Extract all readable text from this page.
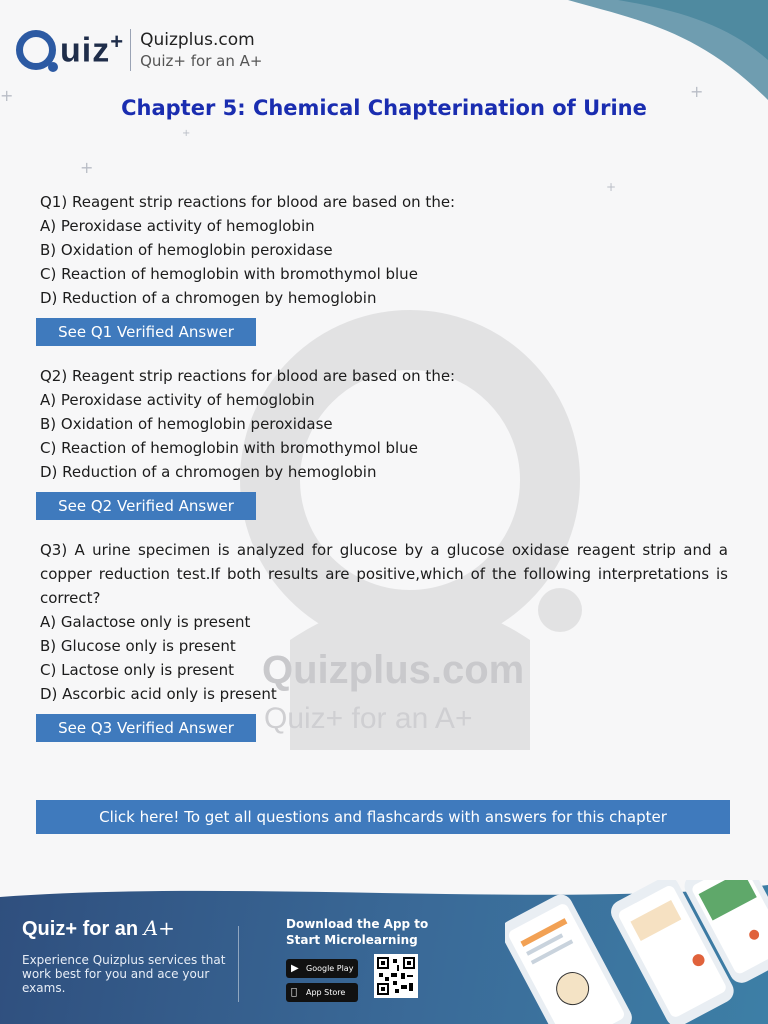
uiz+ Quizplus.com
Quiz+ for an A+
+	+
+
+
+
Chapter 5: Chemical Chapterination of Urine
Quizplus.com
Quiz+ for an A+
Q1) Reagent strip reactions for blood are based on the:
A) Peroxidase activity of hemoglobin
B) Oxidation of hemoglobin peroxidase
C) Reaction of hemoglobin with bromothymol blue
D) Reduction of a chromogen by hemoglobin
See Q1 Verified Answer
Q2) Reagent strip reactions for blood are based on the:
A) Peroxidase activity of hemoglobin
B) Oxidation of hemoglobin peroxidase
C) Reaction of hemoglobin with bromothymol blue
D) Reduction of a chromogen by hemoglobin
See Q2 Verified Answer
Q3) A urine specimen is analyzed for glucose by a glucose oxidase reagent strip and a copper reduction test.If both results are positive,which of the following interpretations is correct?
A) Galactose only is present
B) Glucose only is present
C) Lactose only is present
D) Ascorbic acid only is present
See Q3 Verified Answer
Click here! To get all questions and flashcards with answers for this chapter
Quiz+ for an A+
Experience Quizplus services that work best for you and ace your exams.
Download the App to
Start Microlearning
▶ Google Play
App Store
